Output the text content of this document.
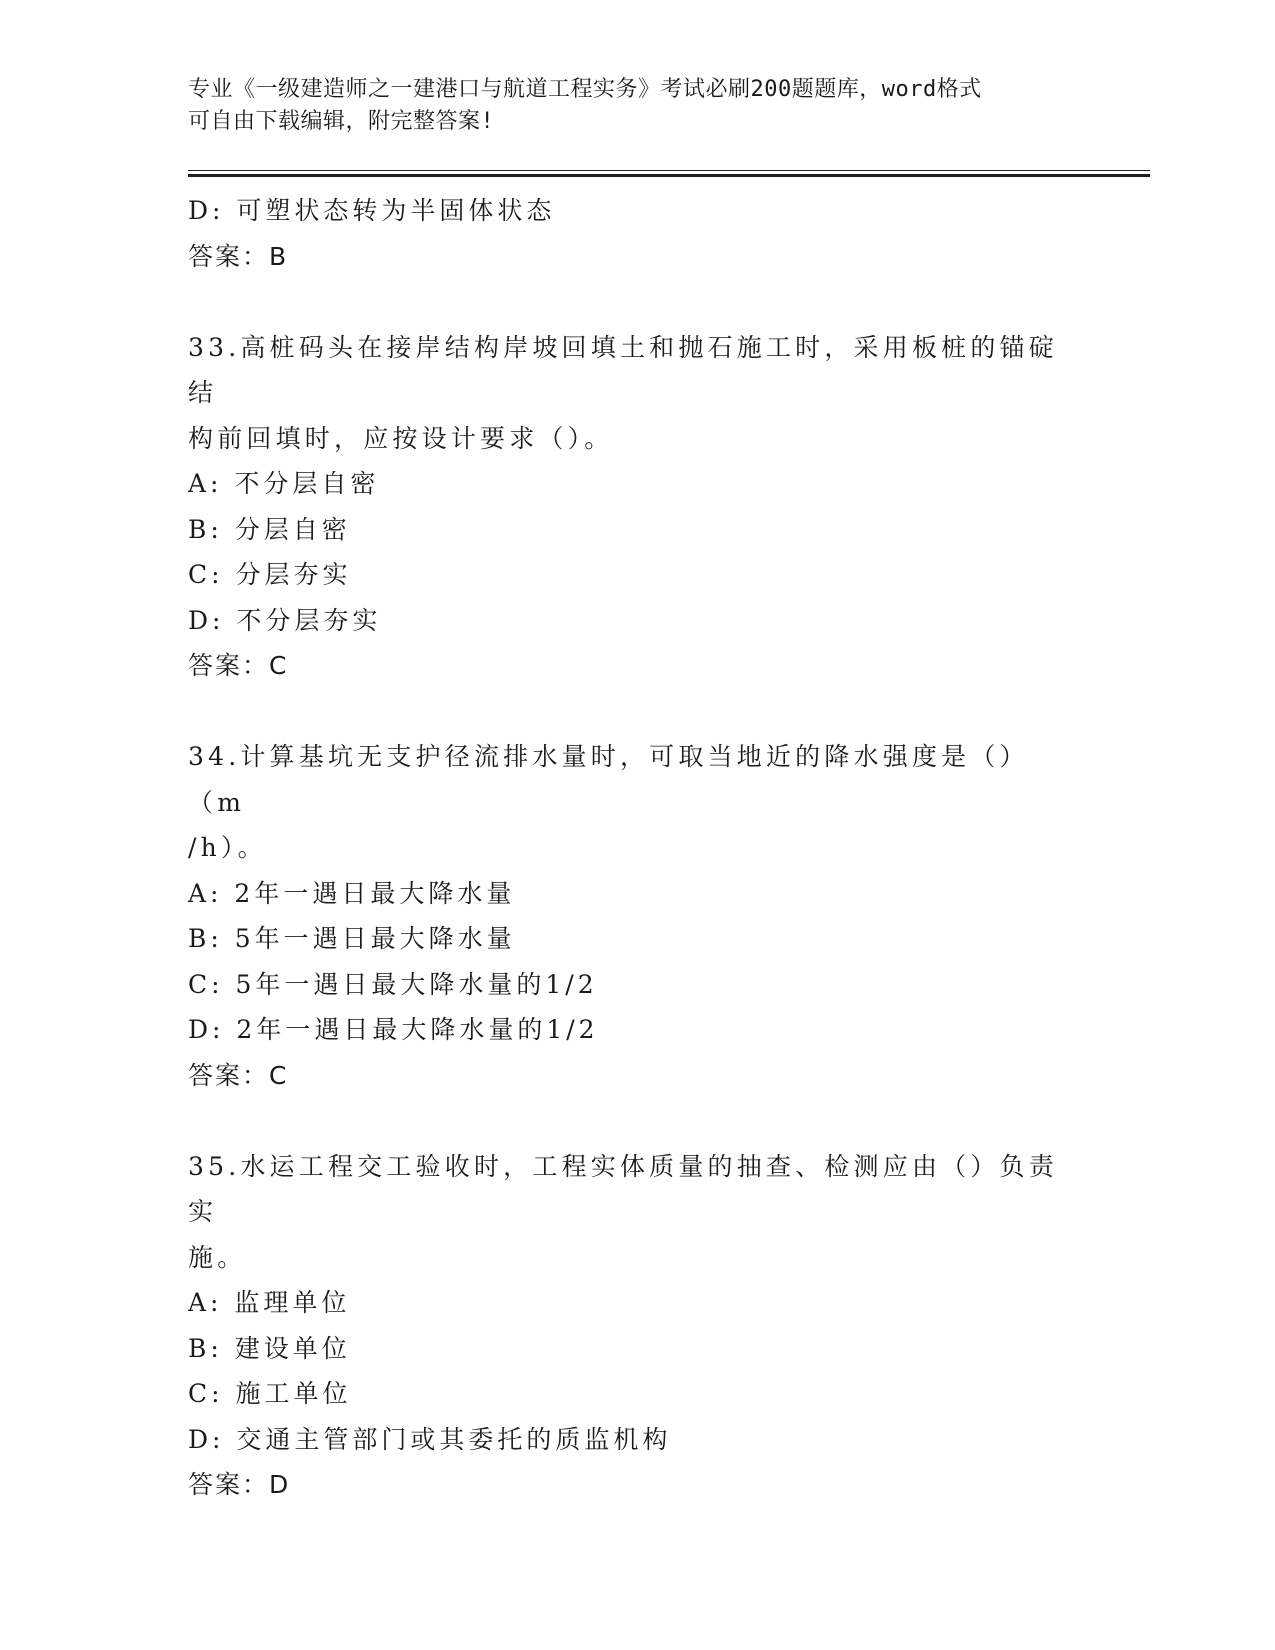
专业《一级建造师之一建港口与航道工程实务》考试必刷200题题库，word格式
可自由下载编辑，附完整答案!
D: 可塑状态转为半固体状态
答案：B
33.高桩码头在接岸结构岸坡回填土和抛石施工时，采用板桩的锚碇结
构前回填时，应按设计要求（）。
A: 不分层自密
B: 分层自密
C: 分层夯实
D: 不分层夯实
答案：C
34.计算基坑无支护径流排水量时，可取当地近的降水强度是（）（m
/h）。
A: 2年一遇日最大降水量
B: 5年一遇日最大降水量
C: 5年一遇日最大降水量的1/2
D: 2年一遇日最大降水量的1/2
答案：C
35.水运工程交工验收时，工程实体质量的抽查、检测应由（）负责实
施。
A: 监理单位
B: 建设单位
C: 施工单位
D: 交通主管部门或其委托的质监机构
答案：D
